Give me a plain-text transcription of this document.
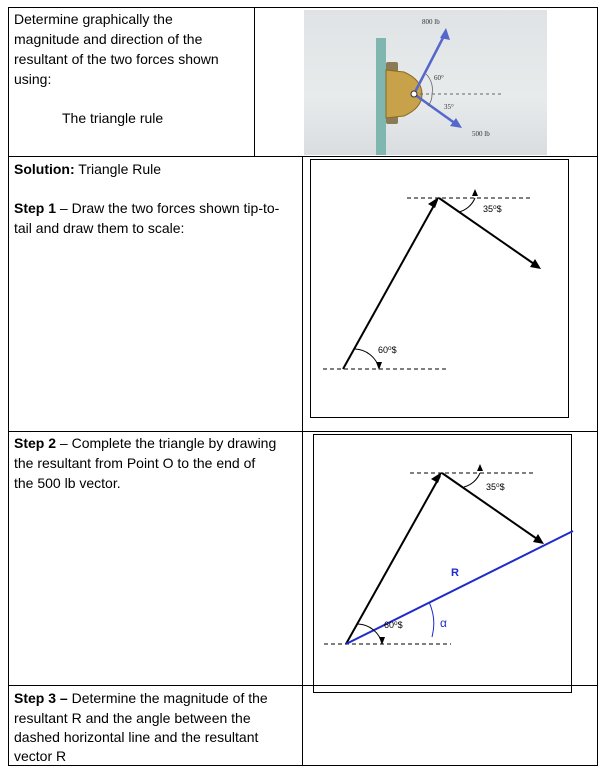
Determine graphically the
magnitude and direction of the
resultant of the two forces shown
using:
The triangle rule
800 lb
500 lb
60°
35°
Solution: Triangle Rule
Step 1 – Draw the two forces shown tip-to-
tail and draw them to scale:
35⁰$
60⁰$
Step 2 – Complete the triangle by drawing
the resultant from Point O to the end of
the 500 lb vector.	35⁰$
60⁰$
R
α
Step 3 – Determine the magnitude of the
resultant R and the angle between the
dashed horizontal line and the resultant
vector R
